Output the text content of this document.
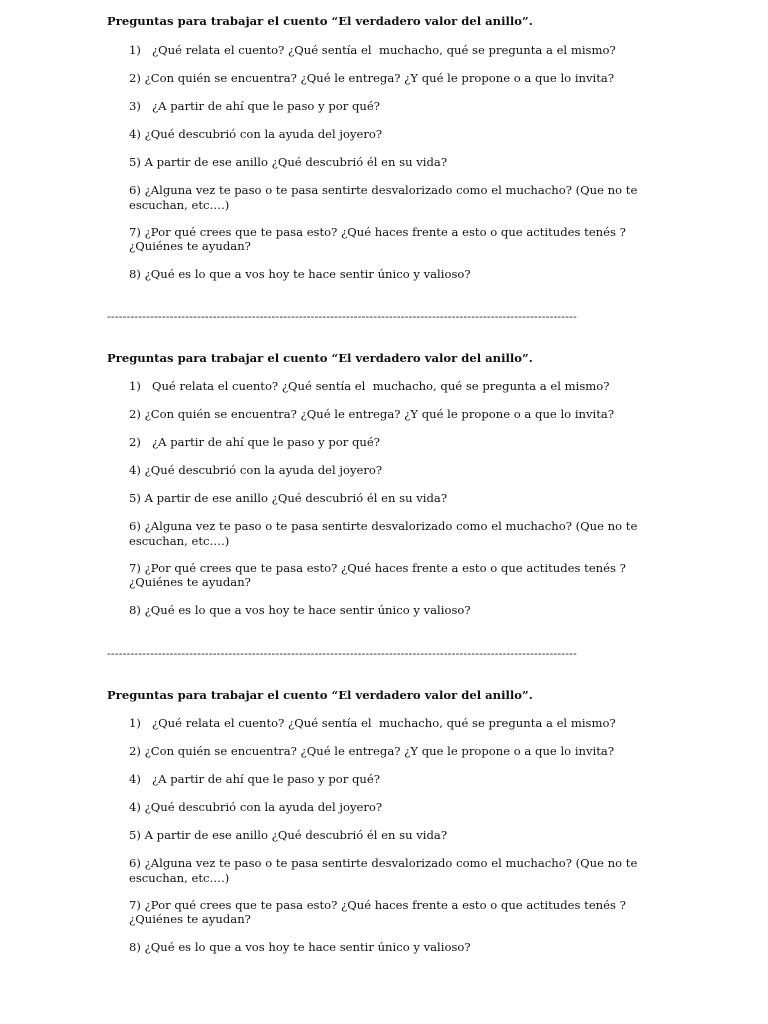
Preguntas para trabajar el cuento “El verdadero valor del anillo”.

1)   ¿Qué relata el cuento? ¿Qué sentía el  muchacho, qué se pregunta a el mismo?

2) ¿Con quién se encuentra? ¿Qué le entrega? ¿Y qué le propone o a que lo invita?

3)   ¿A partir de ahí que le paso y por qué?

4) ¿Qué descubrió con la ayuda del joyero?

5) A partir de ese anillo ¿Qué descubrió él en su vida?

6) ¿Alguna vez te paso o te pasa sentirte desvalorizado como el muchacho? (Que no te

escuchan, etc….)

7) ¿Por qué crees que te pasa esto? ¿Qué haces frente a esto o que actitudes tenés ?

¿Quiénes te ayudan?

8) ¿Qué es lo que a vos hoy te hace sentir único y valioso?

------------------------------------------------------------------------------------------------------------------------

Preguntas para trabajar el cuento “El verdadero valor del anillo”.

1)   Qué relata el cuento? ¿Qué sentía el  muchacho, qué se pregunta a el mismo?

2) ¿Con quién se encuentra? ¿Qué le entrega? ¿Y qué le propone o a que lo invita?

2)   ¿A partir de ahí que le paso y por qué?

4) ¿Qué descubrió con la ayuda del joyero?

5) A partir de ese anillo ¿Qué descubrió él en su vida?

6) ¿Alguna vez te paso o te pasa sentirte desvalorizado como el muchacho? (Que no te

escuchan, etc….)

7) ¿Por qué crees que te pasa esto? ¿Qué haces frente a esto o que actitudes tenés ?

¿Quiénes te ayudan?

8) ¿Qué es lo que a vos hoy te hace sentir único y valioso?

------------------------------------------------------------------------------------------------------------------------

Preguntas para trabajar el cuento “El verdadero valor del anillo”.

1)   ¿Qué relata el cuento? ¿Qué sentía el  muchacho, qué se pregunta a el mismo?

2) ¿Con quién se encuentra? ¿Qué le entrega? ¿Y que le propone o a que lo invita?

4)   ¿A partir de ahí que le paso y por qué?

4) ¿Qué descubrió con la ayuda del joyero?

5) A partir de ese anillo ¿Qué descubrió él en su vida?

6) ¿Alguna vez te paso o te pasa sentirte desvalorizado como el muchacho? (Que no te

escuchan, etc….)

7) ¿Por qué crees que te pasa esto? ¿Qué haces frente a esto o que actitudes tenés ?

¿Quiénes te ayudan?

8) ¿Qué es lo que a vos hoy te hace sentir único y valioso?
